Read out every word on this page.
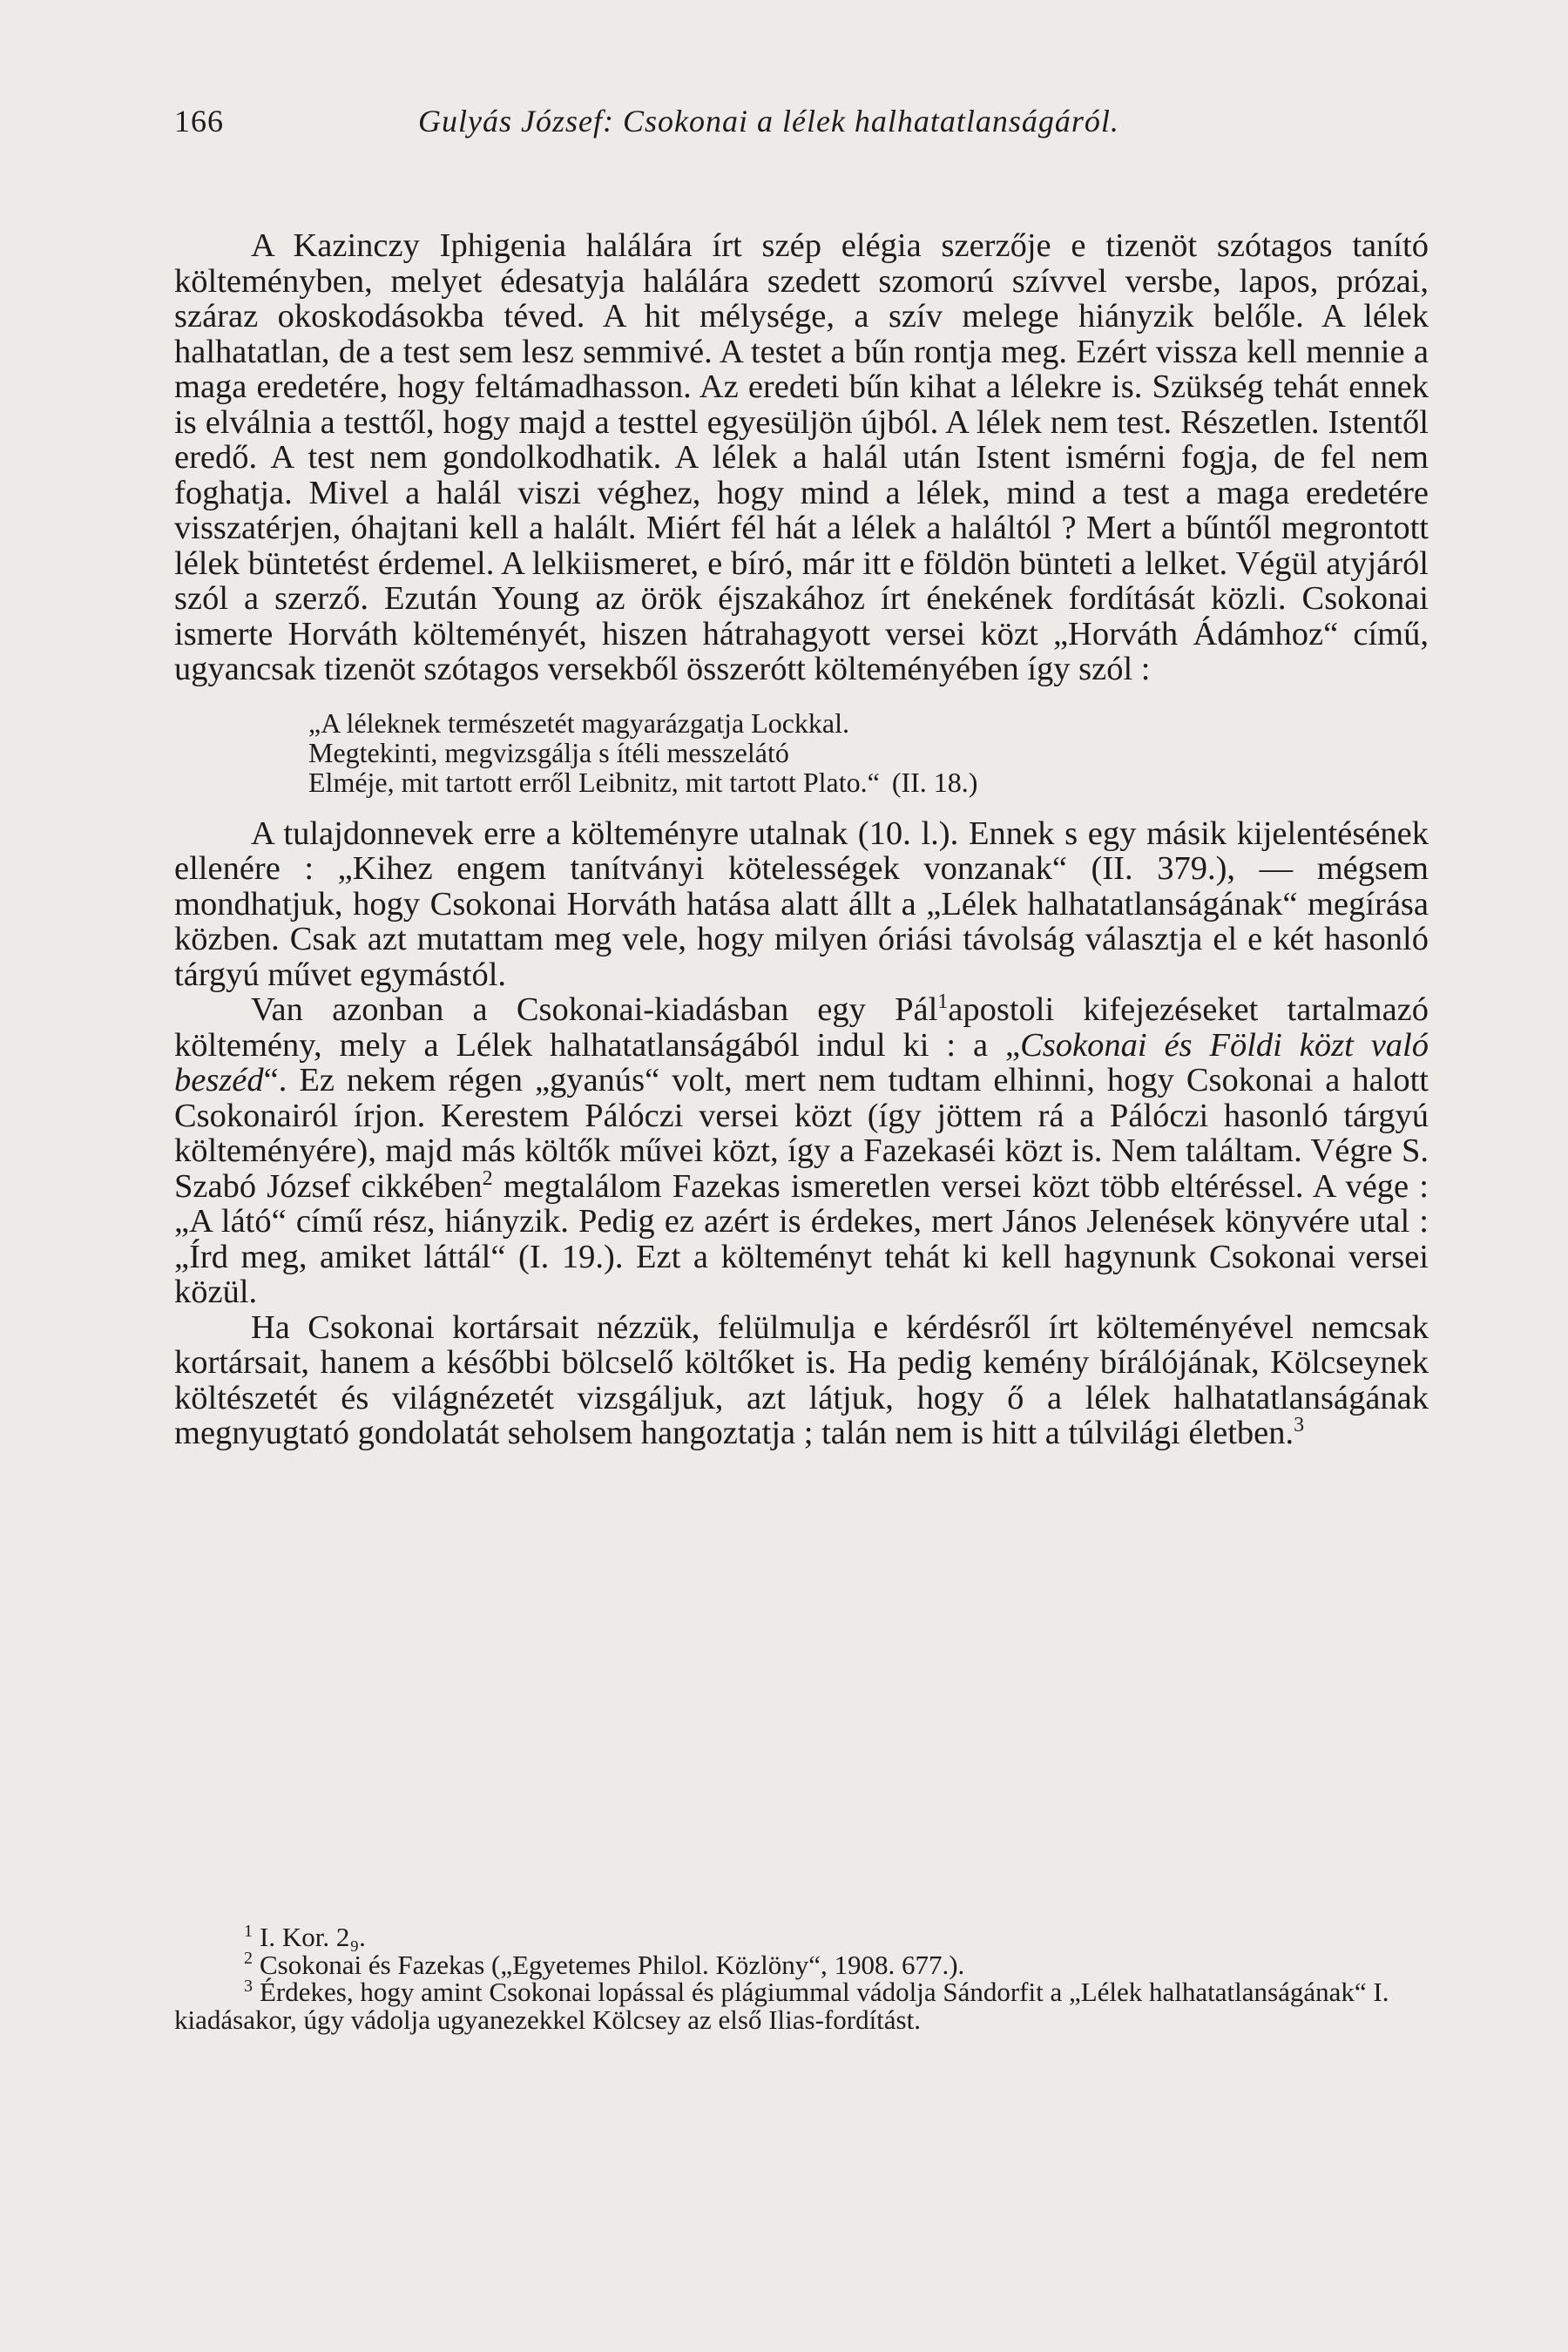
166	Gulyás József: Csokonai a lélek halhatatlanságáról.

A Kazinczy Iphigenia halálára írt szép elégia szerzője e tizenöt szótagos tanító költeményben, melyet édesatyja halálára szedett szomorú szívvel versbe, lapos, prózai, száraz okoskodásokba téved. A hit mélysége, a szív melege hiányzik belőle. A lélek halhatatlan, de a test sem lesz semmivé. A testet a bűn rontja meg. Ezért vissza kell mennie a maga eredetére, hogy feltámadhasson. Az eredeti bűn kihat a lélekre is. Szükség tehát ennek is elválnia a testtől, hogy majd a testtel egyesüljön újból. A lélek nem test. Részetlen. Istentől eredő. A test nem gondolkodhatik. A lélek a halál után Istent ismérni fogja, de fel nem foghatja. Mivel a halál viszi véghez, hogy mind a lélek, mind a test a maga eredetére visszatérjen, óhajtani kell a halált. Miért fél hát a lélek a haláltól ? Mert a bűntől megrontott lélek büntetést érdemel. A lelkiismeret, e bíró, már itt e földön bünteti a lelket. Végül atyjáról szól a szerző. Ezután Young az örök éjszakához írt énekének fordítását közli. Csokonai ismerte Horváth költeményét, hiszen hátrahagyott versei közt „Horváth Ádámhoz“ című, ugyancsak tizenöt szótagos versekből összerótt költeményében így szól :

„A léleknek természetét magyarázgatja Lockkal.
Megtekinti, megvizsgálja s ítéli messzelátó
Elméje, mit tartott erről Leibnitz, mit tartott Plato.“ (II. 18.)

A tulajdonnevek erre a költeményre utalnak (10. l.). Ennek s egy másik kijelentésének ellenére : „Kihez engem tanítványi kötelességek vonzanak“ (II. 379.), — mégsem mondhatjuk, hogy Csokonai Horváth hatása alatt állt a „Lélek halhatatlanságának“ megírása közben. Csak azt mutattam meg vele, hogy milyen óriási távolság választja el e két hasonló tárgyú művet egymástól.

Van azonban a Csokonai-kiadásban egy Pál$^1$apostoli kifejezéseket tartalmazó költemény, mely a Lélek halhatatlanságából indul ki : a „Csokonai és Földi közt való beszéd“. Ez nekem régen „gyanús“ volt, mert nem tudtam elhinni, hogy Csokonai a halott Csokonairól írjon. Kerestem Pálóczi versei közt (így jöttem rá a Pálóczi hasonló tárgyú költeményére), majd más költők művei közt, így a Fazekaséi közt is. Nem találtam. Végre S. Szabó József cikkében$^2$ megtalálom Fazekas ismeretlen versei közt több eltéréssel. A vége : „A látó“ című rész, hiányzik. Pedig ez azért is érdekes, mert János Jelenések könyvére utal : „Írd meg, amiket láttál“ (I. 19.). Ezt a költeményt tehát ki kell hagynunk Csokonai versei közül.

Ha Csokonai kortársait nézzük, felülmulja e kérdésről írt költeményével nemcsak kortársait, hanem a későbbi bölcselő költőket is. Ha pedig kemény bírálójának, Kölcseynek költészetét és világnézetét vizsgáljuk, azt látjuk, hogy ő a lélek halhatatlanságának megnyugtató gondolatát seholsem hangoztatja ; talán nem is hitt a túlvilági életben.$^3$

$^1$ I. Kor. 2₉.

$^2$ Csokonai és Fazekas („Egyetemes Philol. Közlöny“, 1908. 677.).

$^3$ Érdekes, hogy amint Csokonai lopással és plágiummal vádolja Sándorfit a „Lélek halhatatlanságának“ I. kiadásakor, úgy vádolja ugyanezekkel Kölcsey az első Ilias-fordítást.
